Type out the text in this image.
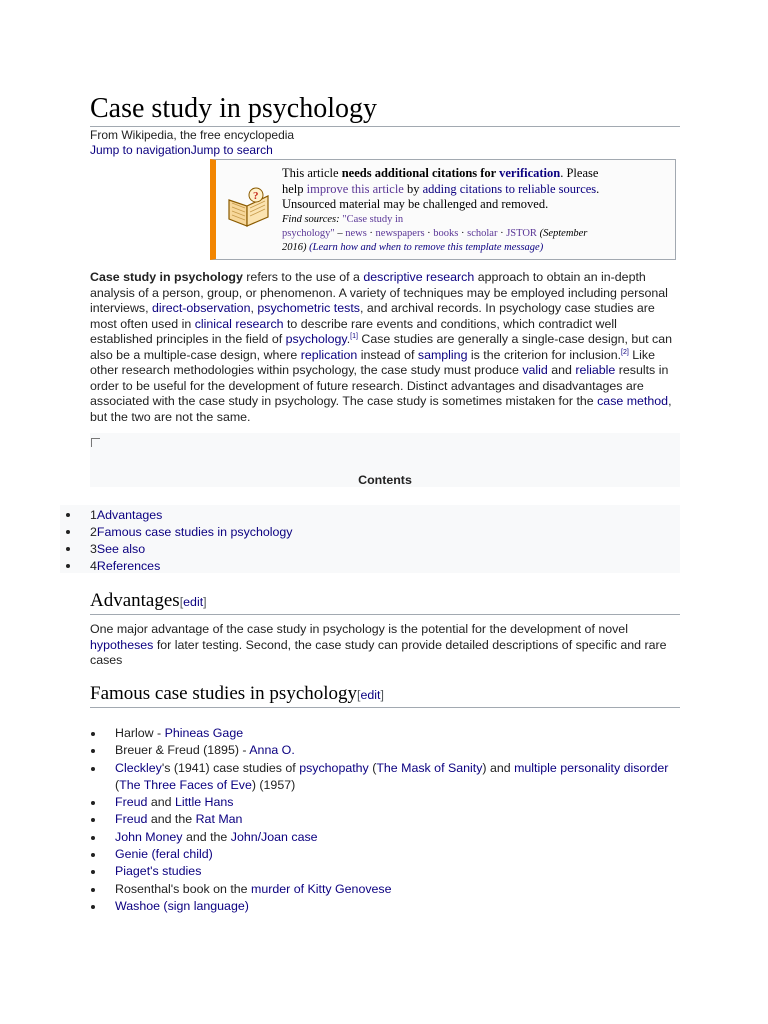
Case study in psychology
From Wikipedia, the free encyclopedia
Jump to navigationJump to search
?
This article needs additional citations for verification. Please
help improve this article by adding citations to reliable sources.
Unsourced material may be challenged and removed.

Find sources: "Case study in
psychology" – news · newspapers · books · scholar · JSTOR (September
2016) (Learn how and when to remove this template message)
Case study in psychology refers to the use of a descriptive research approach to obtain an in-depth analysis of a person, group, or phenomenon. A variety of techniques may be employed including personal interviews, direct-observation, psychometric tests, and archival records. In psychology case studies are most often used in clinical research to describe rare events and conditions, which contradict well established principles in the field of psychology.[1] Case studies are generally a single-case design, but can also be a multiple-case design, where replication instead of sampling is the criterion for inclusion.[2] Like other research methodologies within psychology, the case study must produce valid and reliable results in order to be useful for the development of future research. Distinct advantages and disadvantages are associated with the case study in psychology. The case study is sometimes mistaken for the case method, but the two are not the same.
Contents
1Advantages
2Famous case studies in psychology
3See also
4References
Advantages[edit]
One major advantage of the case study in psychology is the potential for the development of novel hypotheses for later testing. Second, the case study can provide detailed descriptions of specific and rare cases
Famous case studies in psychology[edit]
Harlow - Phineas Gage
Breuer & Freud (1895) - Anna O.
Cleckley's (1941) case studies of psychopathy (The Mask of Sanity) and multiple personality disorder (The Three Faces of Eve) (1957)
Freud and Little Hans
Freud and the Rat Man
John Money and the John/Joan case
Genie (feral child)
Piaget's studies
Rosenthal's book on the murder of Kitty Genovese
Washoe (sign language)
